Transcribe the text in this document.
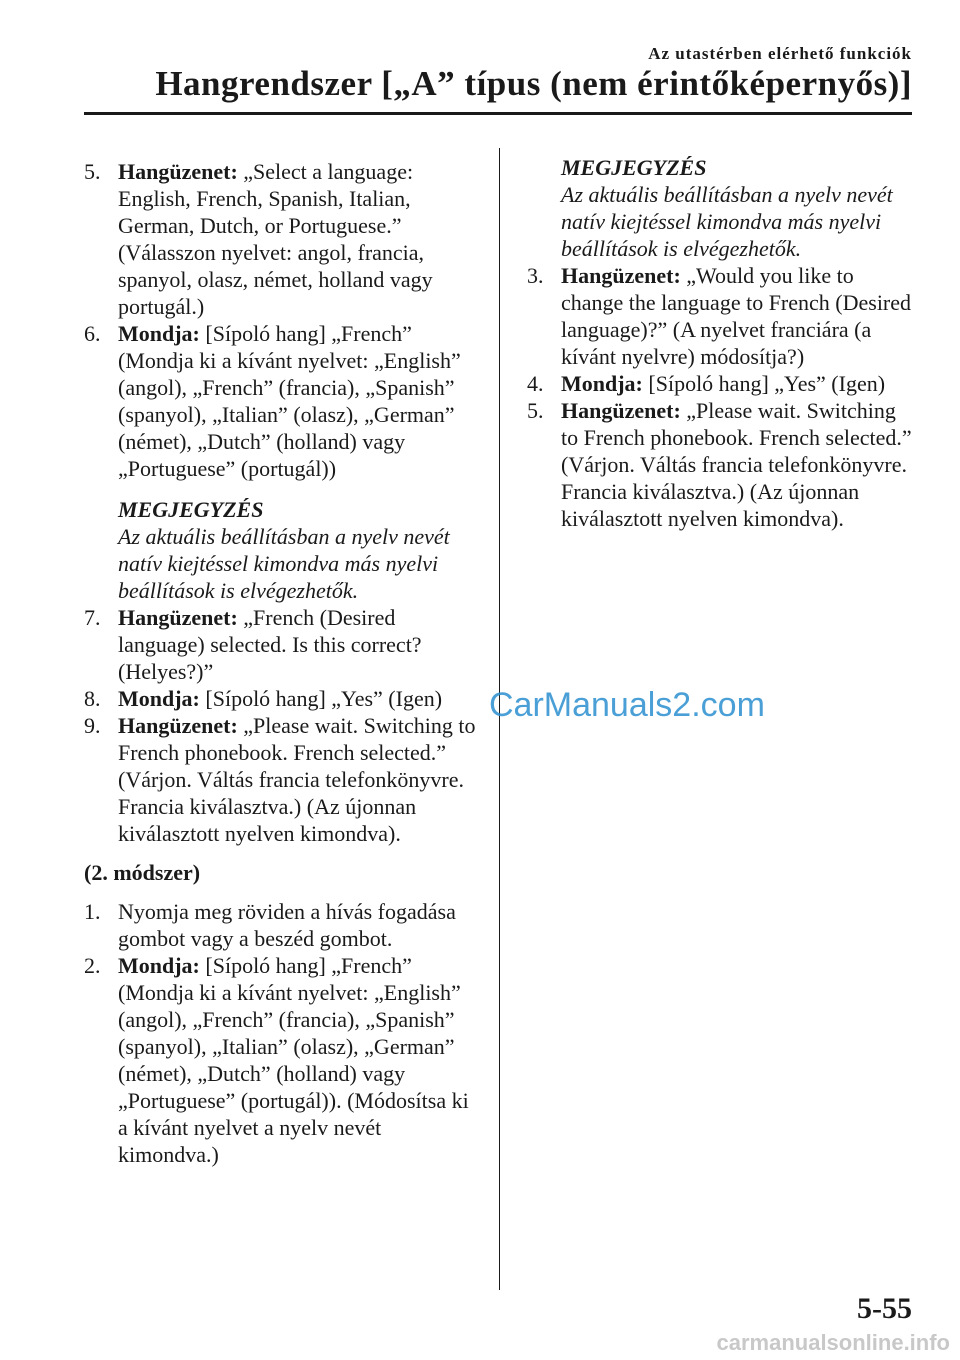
Az utastérben elérhető funkciók
Hangrendszer [„A” típus (nem érintőképernyős)]
5. Hangüzenet: „Select a language: English, French, Spanish, Italian, German, Dutch, or Portuguese.” (Válasszon nyelvet: angol, francia, spanyol, olasz, német, holland vagy portugál.)
6. Mondja: [Sípoló hang] „French” (Mondja ki a kívánt nyelvet: „English” (angol), „French” (francia), „Spanish” (spanyol), „Italian” (olasz), „German” (német), „Dutch” (holland) vagy „Portuguese” (portugál))
MEGJEGYZÉS
Az aktuális beállításban a nyelv nevét natív kiejtéssel kimondva más nyelvi beállítások is elvégezhetők.
7. Hangüzenet: „French (Desired language) selected. Is this correct? (Helyes?)”
8. Mondja: [Sípoló hang] „Yes” (Igen)
9. Hangüzenet: „Please wait. Switching to French phonebook. French selected.” (Várjon. Váltás francia telefonkönyvre. Francia kiválasztva.) (Az újonnan kiválasztott nyelven kimondva).
(2. módszer)
1. Nyomja meg röviden a hívás fogadása gombot vagy a beszéd gombot.
2. Mondja: [Sípoló hang] „French” (Mondja ki a kívánt nyelvet: „English” (angol), „French” (francia), „Spanish” (spanyol), „Italian” (olasz), „German” (német), „Dutch” (holland) vagy „Portuguese” (portugál)). (Módosítsa ki a kívánt nyelvet a nyelv nevét kimondva.)
MEGJEGYZÉS
Az aktuális beállításban a nyelv nevét natív kiejtéssel kimondva más nyelvi beállítások is elvégezhetők.
3. Hangüzenet: „Would you like to change the language to French (Desired language)?” (A nyelvet franciára (a kívánt nyelvre) módosítja?)
4. Mondja: [Sípoló hang] „Yes” (Igen)
5. Hangüzenet: „Please wait. Switching to French phonebook. French selected.” (Várjon. Váltás francia telefonkönyvre. Francia kiválasztva.) (Az újonnan kiválasztott nyelven kimondva).
CarManuals2.com
5-55
carmanualsonline.info
